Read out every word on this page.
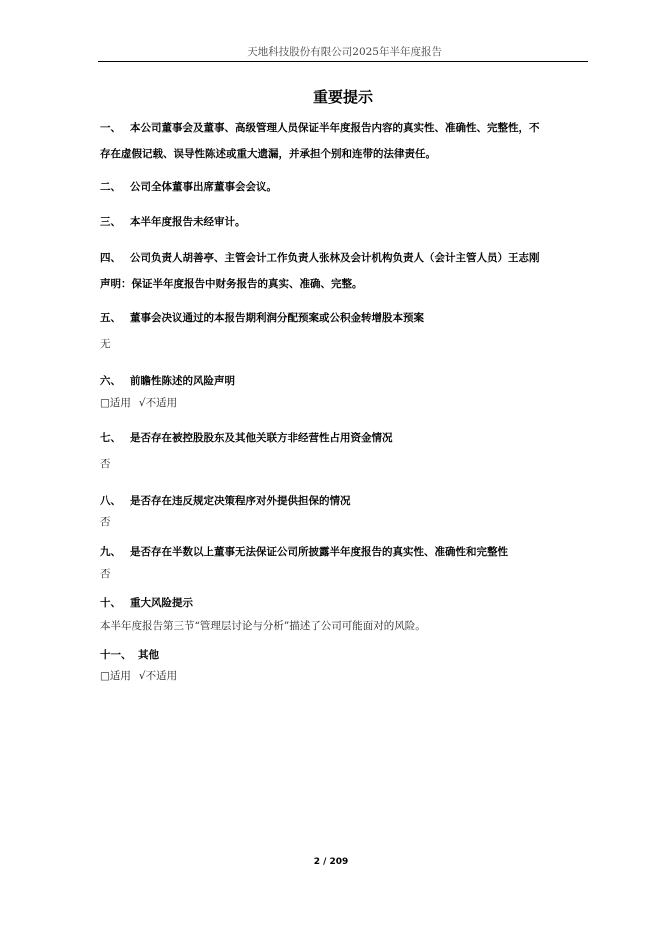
天地科技股份有限公司2025年半年度报告
重要提示
一、 本公司董事会及董事、高级管理人员保证半年度报告内容的真实性、准确性、完整性，不
存在虚假记载、误导性陈述或重大遗漏，并承担个别和连带的法律责任。
二、 公司全体董事出席董事会会议。
三、 本半年度报告未经审计。
四、 公司负责人胡善亭、主管会计工作负责人张林及会计机构负责人（会计主管人员）王志刚
声明：保证半年度报告中财务报告的真实、准确、完整。
五、 董事会决议通过的本报告期利润分配预案或公积金转增股本预案
无
六、 前瞻性陈述的风险声明
□适用 √不适用
七、 是否存在被控股股东及其他关联方非经营性占用资金情况
否
八、 是否存在违反规定决策程序对外提供担保的情况
否
九、 是否存在半数以上董事无法保证公司所披露半年度报告的真实性、准确性和完整性
否
十、 重大风险提示
本半年度报告第三节“管理层讨论与分析”描述了公司可能面对的风险。
十一、 其他
□适用 √不适用
2 / 209
